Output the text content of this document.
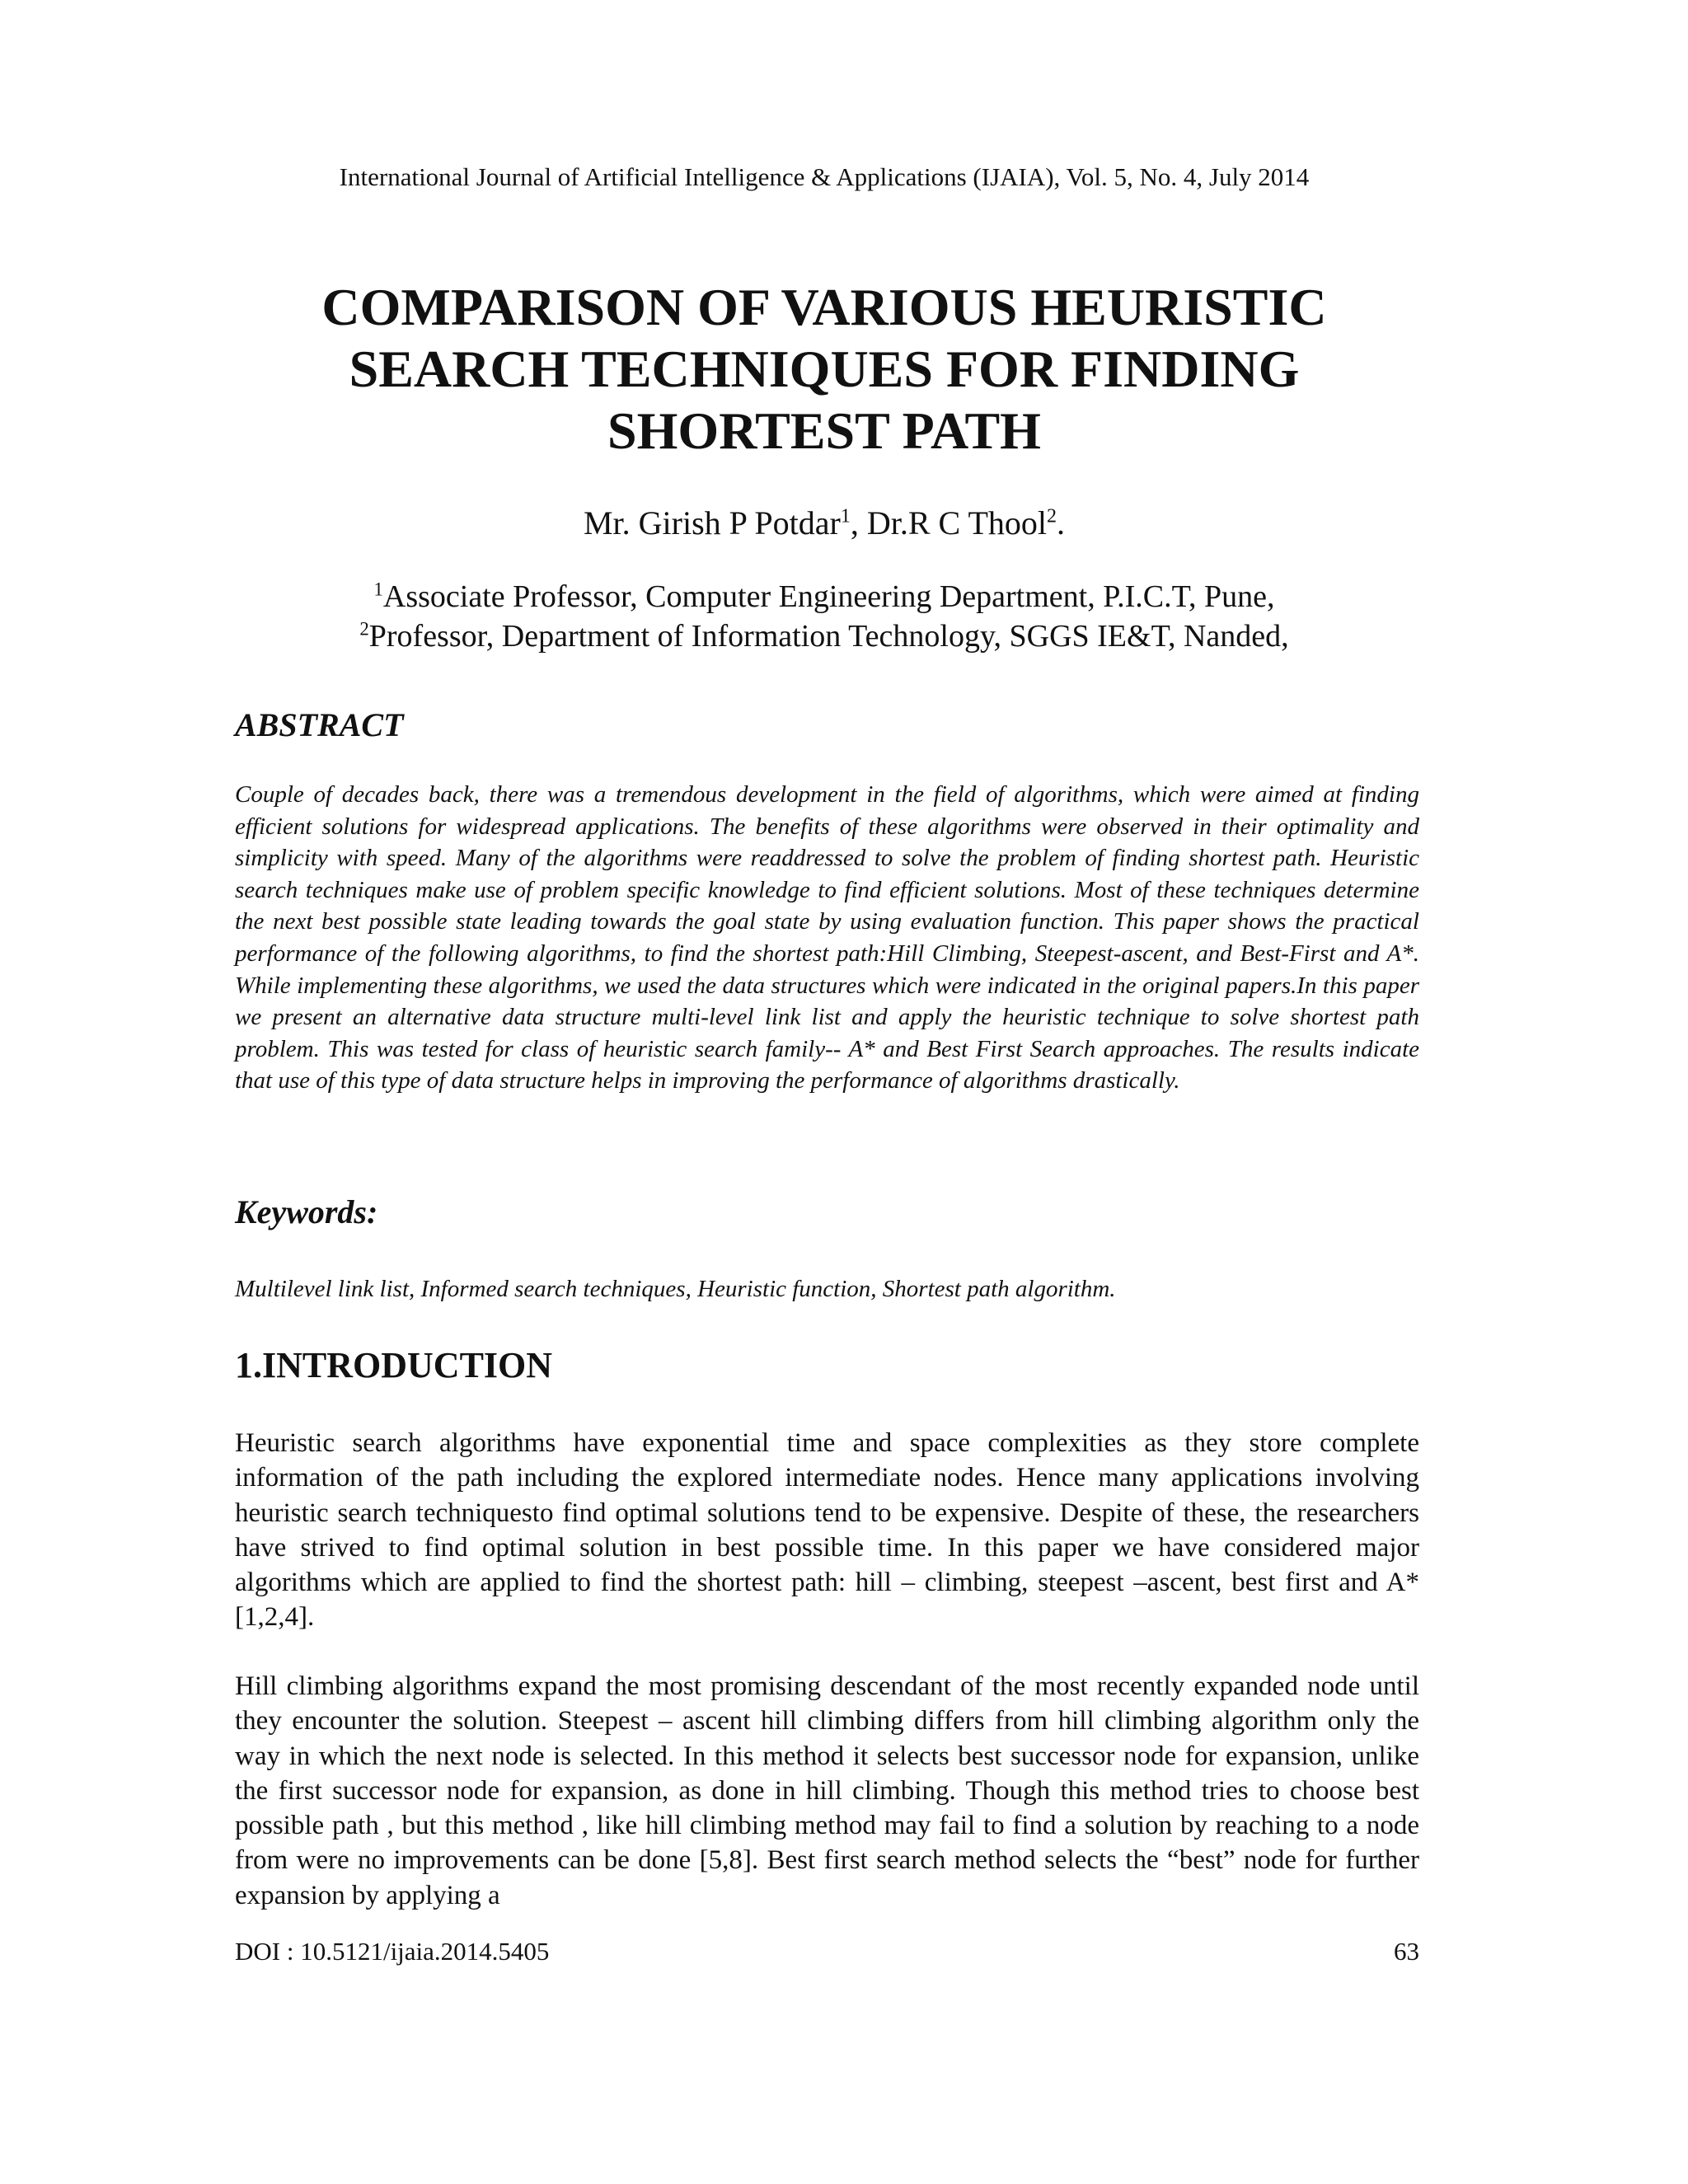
International Journal of Artificial Intelligence & Applications (IJAIA), Vol. 5, No. 4, July 2014
COMPARISON OF VARIOUS HEURISTIC
SEARCH TECHNIQUES FOR FINDING
SHORTEST PATH
Mr. Girish P Potdar$^1$, Dr.R C Thool$^2$.
$^1$Associate Professor, Computer Engineering Department, P.I.C.T, Pune,
$^2$Professor, Department of Information Technology, SGGS IE&T, Nanded,
ABSTRACT

Couple of decades back, there was a tremendous development in the field of algorithms, which were aimed at finding efficient solutions for widespread applications. The benefits of these algorithms were observed in their optimality and simplicity with speed. Many of the algorithms were readdressed to solve the problem of finding shortest path. Heuristic search techniques make use of problem specific knowledge to find efficient solutions. Most of these techniques determine the next best possible state leading towards the goal state by using evaluation function. This paper shows the practical performance of the following algorithms, to find the shortest path:Hill Climbing, Steepest-ascent, and Best-First and A*. While implementing these algorithms, we used the data structures which were indicated in the original papers.In this paper we present an alternative data structure multi-level link list and apply the heuristic technique to solve shortest path problem. This was tested for class of heuristic search family-- A* and Best First Search approaches. The results indicate that use of this type of data structure helps in improving the performance of algorithms drastically.

Keywords:

Multilevel link list, Informed search techniques, Heuristic function, Shortest path algorithm.

1.INTRODUCTION

Heuristic search algorithms have exponential time and space complexities as they store complete information of the path including the explored intermediate nodes. Hence many applications involving heuristic search techniquesto find optimal solutions tend to be expensive. Despite of these, the researchers have strived to find optimal solution in best possible time. In this paper we have considered major algorithms which are applied to find the shortest path: hill – climbing, steepest –ascent, best first and A* [1,2,4].

Hill climbing algorithms expand the most promising descendant of the most recently expanded node until they encounter the solution. Steepest – ascent hill climbing differs from hill climbing algorithm only the way in which the next node is selected. In this method it selects best successor node for expansion, unlike the first successor node for expansion, as done in hill climbing. Though this method tries to choose best possible path , but this method , like hill climbing method may fail to find a solution by reaching to a node from were no improvements can be done [5,8]. Best first search method selects the “best” node for further expansion by applying a

DOI : 10.5121/ijaia.2014.5405	63
